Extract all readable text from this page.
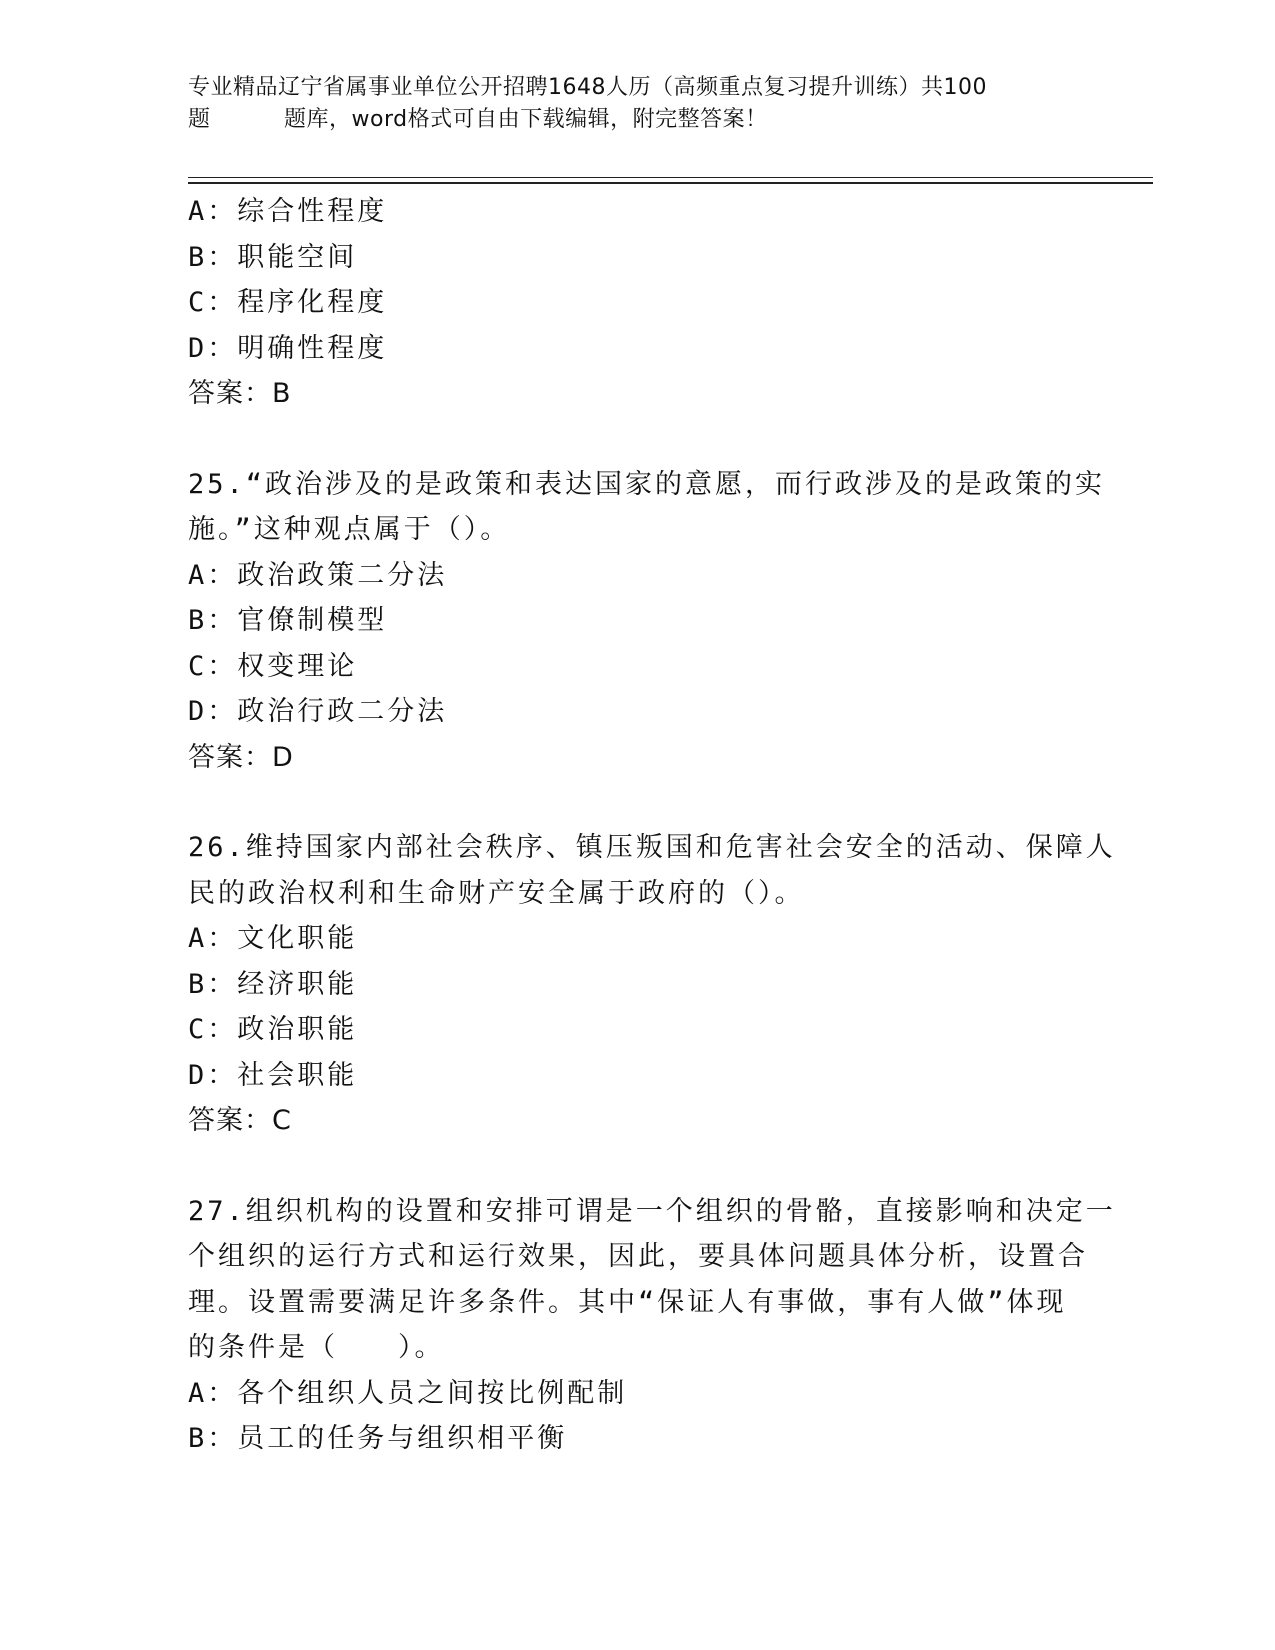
专业精品辽宁省属事业单位公开招聘1648人历（高频重点复习提升训练）共100
题	题库，word格式可自由下载编辑，附完整答案！
A：综合性程度
B：职能空间
C：程序化程度
D：明确性程度
答案：B
25.“政治涉及的是政策和表达国家的意愿，而行政涉及的是政策的实
施。”这种观点属于（）。
A：政治政策二分法
B：官僚制模型
C：权变理论
D：政治行政二分法
答案：D
26.维持国家内部社会秩序、镇压叛国和危害社会安全的活动、保障人
民的政治权利和生命财产安全属于政府的（）。
A：文化职能
B：经济职能
C：政治职能
D：社会职能
答案：C
27.组织机构的设置和安排可谓是一个组织的骨骼，直接影响和决定一
个组织的运行方式和运行效果，因此，要具体问题具体分析，设置合
理。设置需要满足许多条件。其中“保证人有事做，事有人做”体现
的条件是（　　）。
A：各个组织人员之间按比例配制
B：员工的任务与组织相平衡
